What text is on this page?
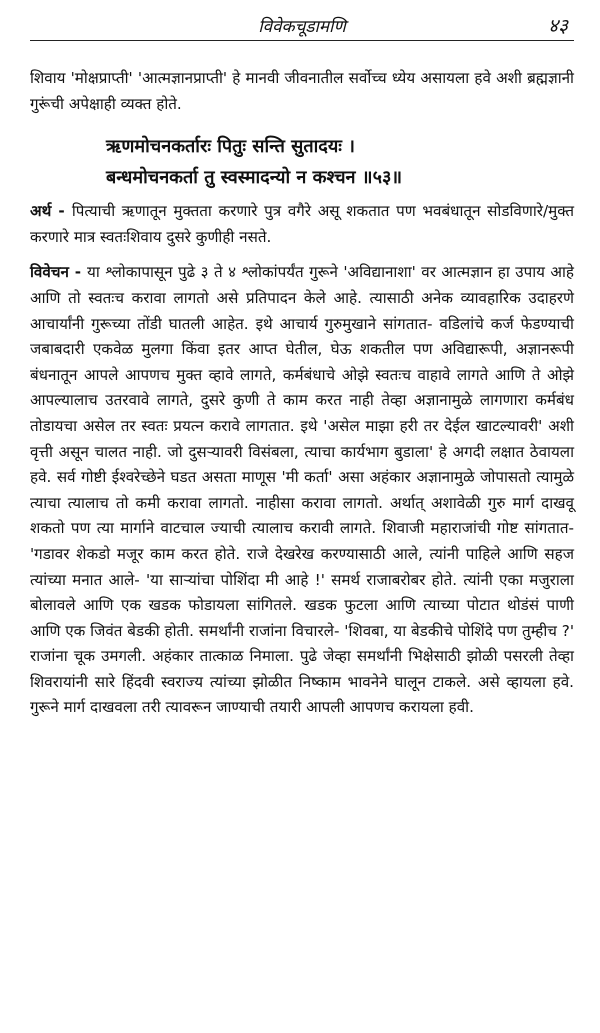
विवेकचूडामणि	४३

शिवाय 'मोक्षप्राप्ती' 'आत्मज्ञानप्राप्ती' हे मानवी जीवनातील सर्वोच्च ध्येय असायला हवे अशी ब्रह्मज्ञानी गुरूंची अपेक्षाही व्यक्त होते.

ऋणमोचनकर्तारः पितुः सन्ति सुतादयः ।
बन्धमोचनकर्ता तु स्वस्मादन्यो न कश्चन ॥५३॥

अर्थ - पित्याची ऋणातून मुक्तता करणारे पुत्र वगैरे असू शकतात पण भवबंधातून सोडविणारे/मुक्त करणारे मात्र स्वतःशिवाय दुसरे कुणीही नसते.

विवेचन - या श्लोकापासून पुढे ३ ते ४ श्लोकांपर्यंत गुरूने 'अविद्यानाशा' वर आत्मज्ञान हा उपाय आहे आणि तो स्वतःच करावा लागतो असे प्रतिपादन केले आहे. त्यासाठी अनेक व्यावहारिक उदाहरणे आचार्यांनी गुरूच्या तोंडी घातली आहेत. इथे आचार्य गुरुमुखाने सांगतात- वडिलांचे कर्ज फेडण्याची जबाबदारी एकवेळ मुलगा किंवा इतर आप्त घेतील, घेऊ शकतील पण अविद्यारूपी, अज्ञानरूपी बंधनातून आपले आपणच मुक्त व्हावे लागते, कर्मबंधाचे ओझे स्वतःच वाहावे लागते आणि ते ओझे आपल्यालाच उतरवावे लागते, दुसरे कुणी ते काम करत नाही तेव्हा अज्ञानामुळे लागणारा कर्मबंध तोडायचा असेल तर स्वतः प्रयत्न करावे लागतात. इथे 'असेल माझा हरी तर देईल खाटल्यावरी' अशी वृत्ती असून चालत नाही. जो दुसऱ्यावरी विसंबला, त्याचा कार्यभाग बुडाला' हे अगदी लक्षात ठेवायला हवे. सर्व गोष्टी ईश्वरेच्छेने घडत असता माणूस 'मी कर्ता' असा अहंकार अज्ञानामुळे जोपासतो त्यामुळे त्याचा त्यालाच तो कमी करावा लागतो. नाहीसा करावा लागतो. अर्थात् अशावेळी गुरु मार्ग दाखवू शकतो पण त्या मार्गाने वाटचाल ज्याची त्यालाच करावी लागते. शिवाजी महाराजांची गोष्ट सांगतात- 'गडावर शेकडो मजूर काम करत होते. राजे देखरेख करण्यासाठी आले, त्यांनी पाहिले आणि सहज त्यांच्या मनात आले- 'या साऱ्यांचा पोशिंदा मी आहे !' समर्थ राजाबरोबर होते. त्यांनी एका मजुराला बोलावले आणि एक खडक फोडायला सांगितले. खडक फुटला आणि त्याच्या पोटात थोडंसं पाणी आणि एक जिवंत बेडकी होती. समर्थांनी राजांना विचारले- 'शिवबा, या बेडकीचे पोशिंदे पण तुम्हीच ?' राजांना चूक उमगली. अहंकार तात्काळ निमाला. पुढे जेव्हा समर्थांनी भिक्षेसाठी झोळी पसरली तेव्हा शिवरायांनी सारे हिंदवी स्वराज्य त्यांच्या झोळीत निष्काम भावनेने घालून टाकले. असे व्हायला हवे. गुरूने मार्ग दाखवला तरी त्यावरून जाण्याची तयारी आपली आपणच करायला हवी.
